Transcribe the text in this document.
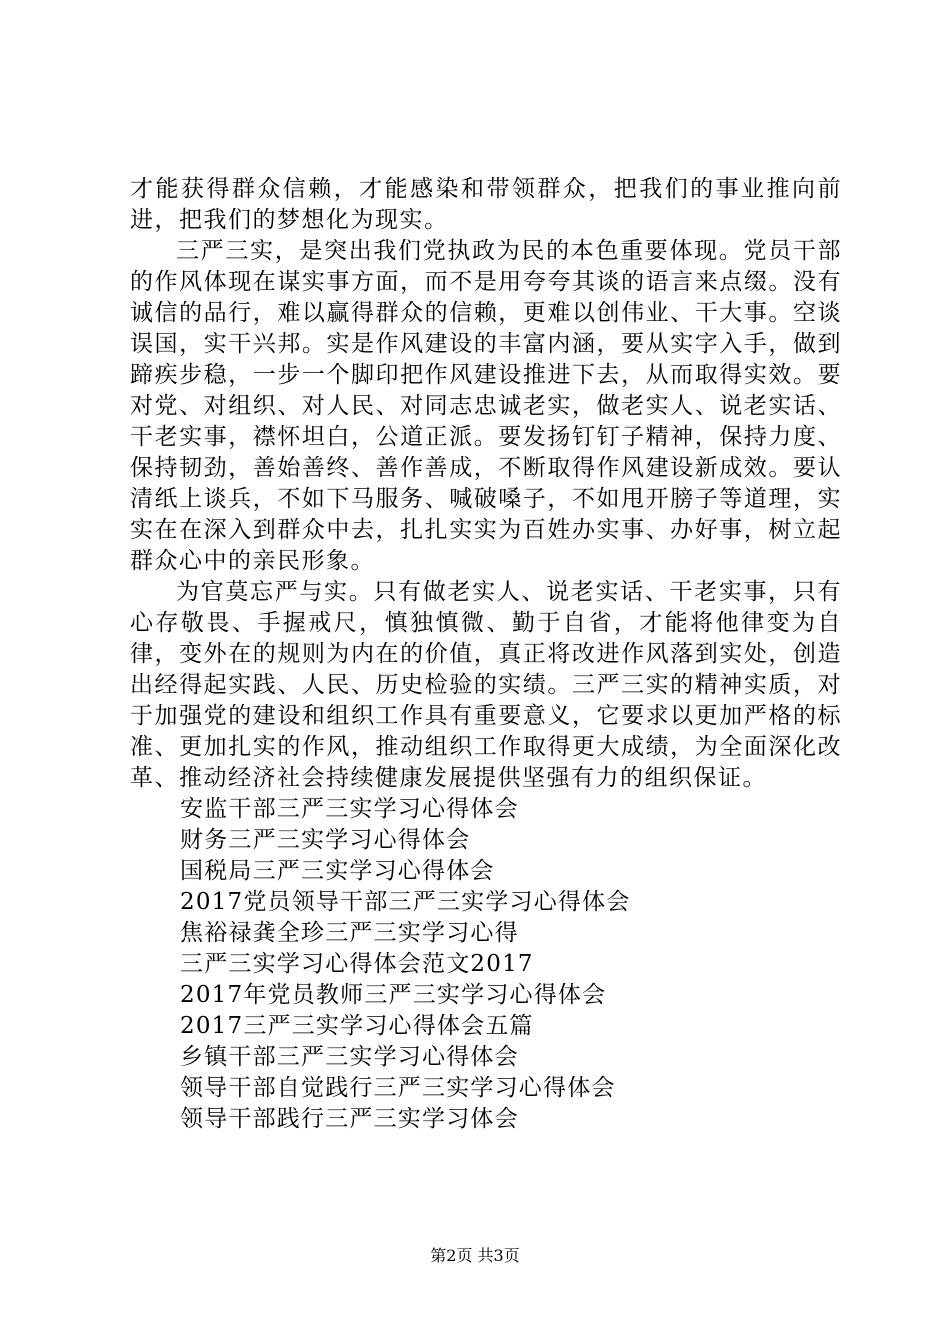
才能获得群众信赖，才能感染和带领群众，把我们的事业推向前进，把我们的梦想化为现实。

三严三实，是突出我们党执政为民的本色重要体现。党员干部的作风体现在谋实事方面，而不是用夸夸其谈的语言来点缀。没有诚信的品行，难以赢得群众的信赖，更难以创伟业、干大事。空谈误国，实干兴邦。实是作风建设的丰富内涵，要从实字入手，做到蹄疾步稳，一步一个脚印把作风建设推进下去，从而取得实效。要对党、对组织、对人民、对同志忠诚老实，做老实人、说老实话、干老实事，襟怀坦白，公道正派。要发扬钉钉子精神，保持力度、保持韧劲，善始善终、善作善成，不断取得作风建设新成效。要认清纸上谈兵，不如下马服务、喊破嗓子，不如甩开膀子等道理，实实在在深入到群众中去，扎扎实实为百姓办实事、办好事，树立起群众心中的亲民形象。

为官莫忘严与实。只有做老实人、说老实话、干老实事，只有心存敬畏、手握戒尺，慎独慎微、勤于自省，才能将他律变为自律，变外在的规则为内在的价值，真正将改进作风落到实处，创造出经得起实践、人民、历史检验的实绩。三严三实的精神实质，对于加强党的建设和组织工作具有重要意义，它要求以更加严格的标准、更加扎实的作风，推动组织工作取得更大成绩，为全面深化改革、推动经济社会持续健康发展提供坚强有力的组织保证。

安监干部三严三实学习心得体会
财务三严三实学习心得体会
国税局三严三实学习心得体会
2017党员领导干部三严三实学习心得体会
焦裕禄龚全珍三严三实学习心得
三严三实学习心得体会范文2017
2017年党员教师三严三实学习心得体会
2017三严三实学习心得体会五篇
乡镇干部三严三实学习心得体会
领导干部自觉践行三严三实学习心得体会
领导干部践行三严三实学习体会
第2页 共3页
